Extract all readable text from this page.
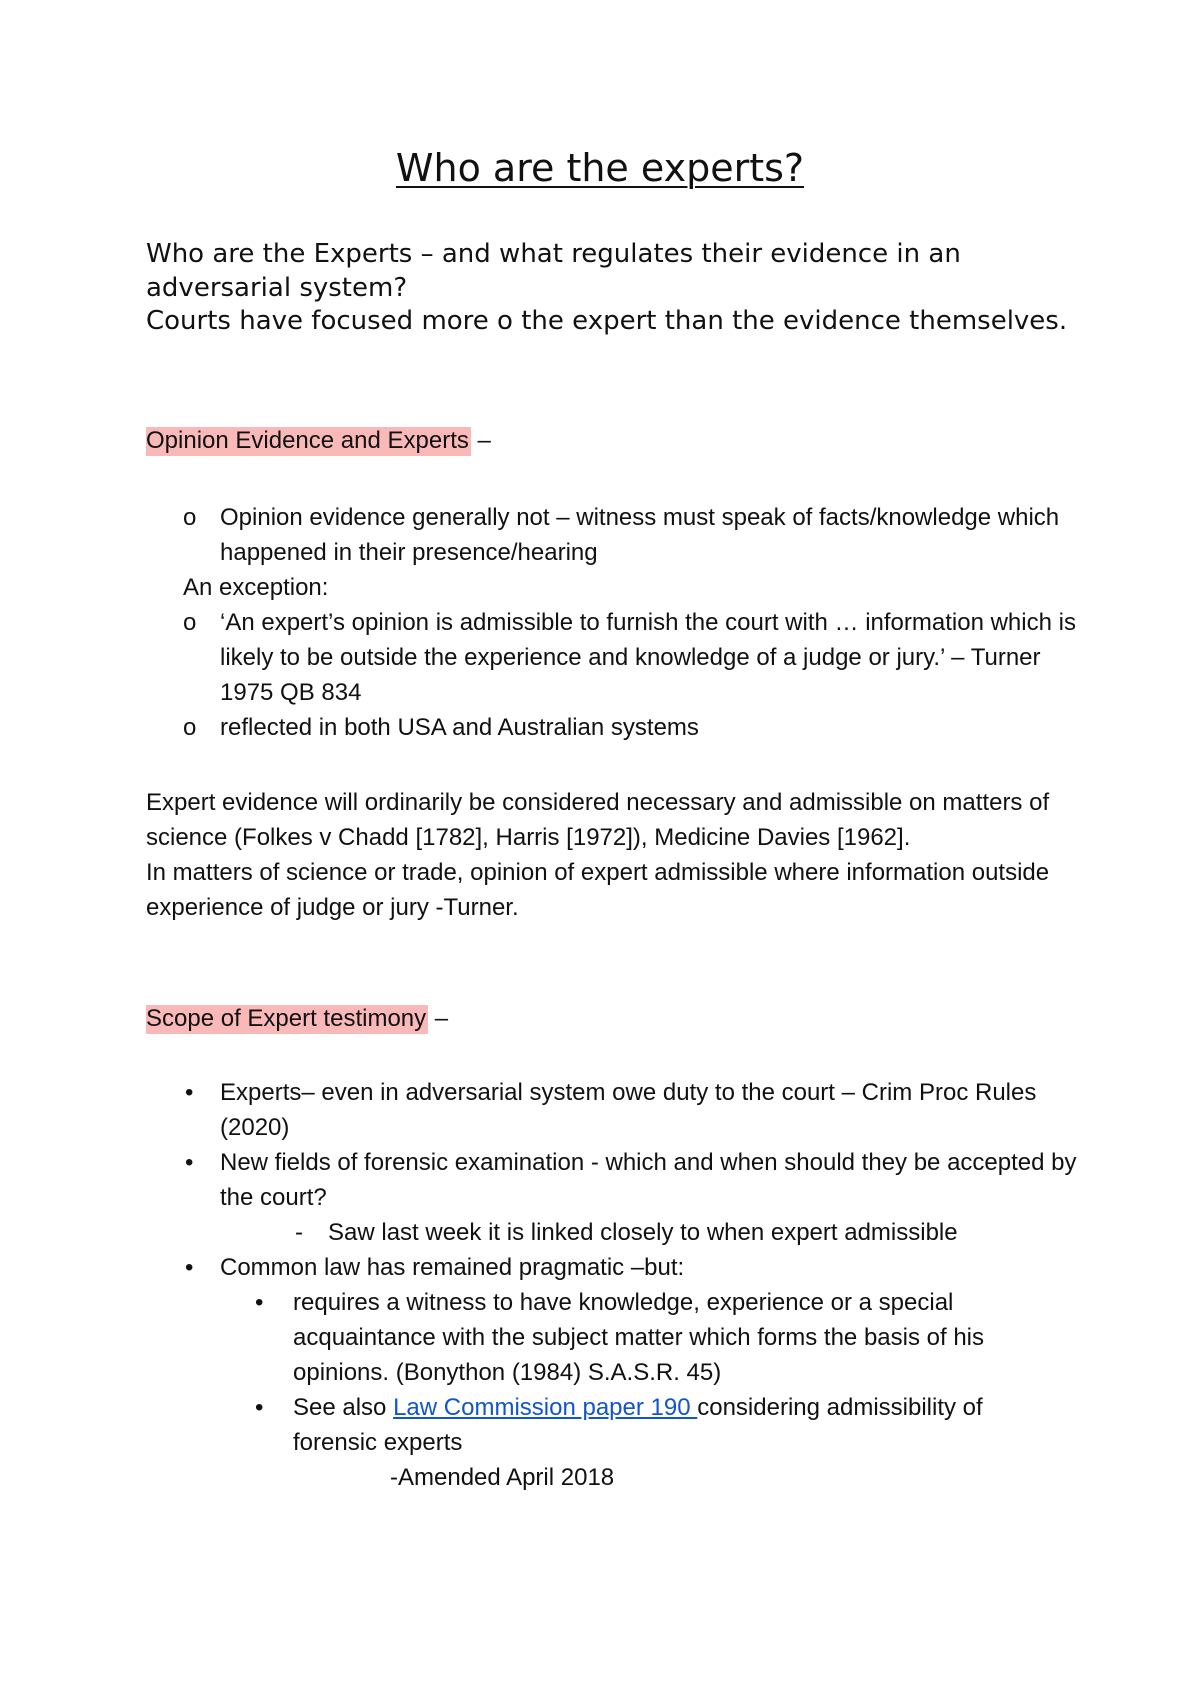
Who are the experts?

Who are the Experts – and what regulates their evidence in an adversarial system?

Courts have focused more o the expert than the evidence themselves.

Opinion Evidence and Experts –
o Opinion evidence generally not – witness must speak of facts/knowledge which happened in their presence/hearing
An exception:
o ‘An expert’s opinion is admissible to furnish the court with … information which is likely to be outside the experience and knowledge of a judge or jury.’ – Turner 1975 QB 834
o reflected in both USA and Australian systems

Expert evidence will ordinarily be considered necessary and admissible on matters of science (Folkes v Chadd [1782], Harris [1972]), Medicine Davies [1962].

In matters of science or trade, opinion of expert admissible where information outside experience of judge or jury -Turner.

Scope of Expert testimony –
• Experts– even in adversarial system owe duty to the court – Crim Proc Rules (2020)
• New fields of forensic examination - which and when should they be accepted by the court?
- Saw last week it is linked closely to when expert admissible
• Common law has remained pragmatic –but:
• requires a witness to have knowledge, experience or a special acquaintance with the subject matter which forms the basis of his opinions. (Bonython (1984) S.A.S.R. 45)
• See also Law Commission paper 190 considering admissibility of forensic experts
-Amended April 2018
